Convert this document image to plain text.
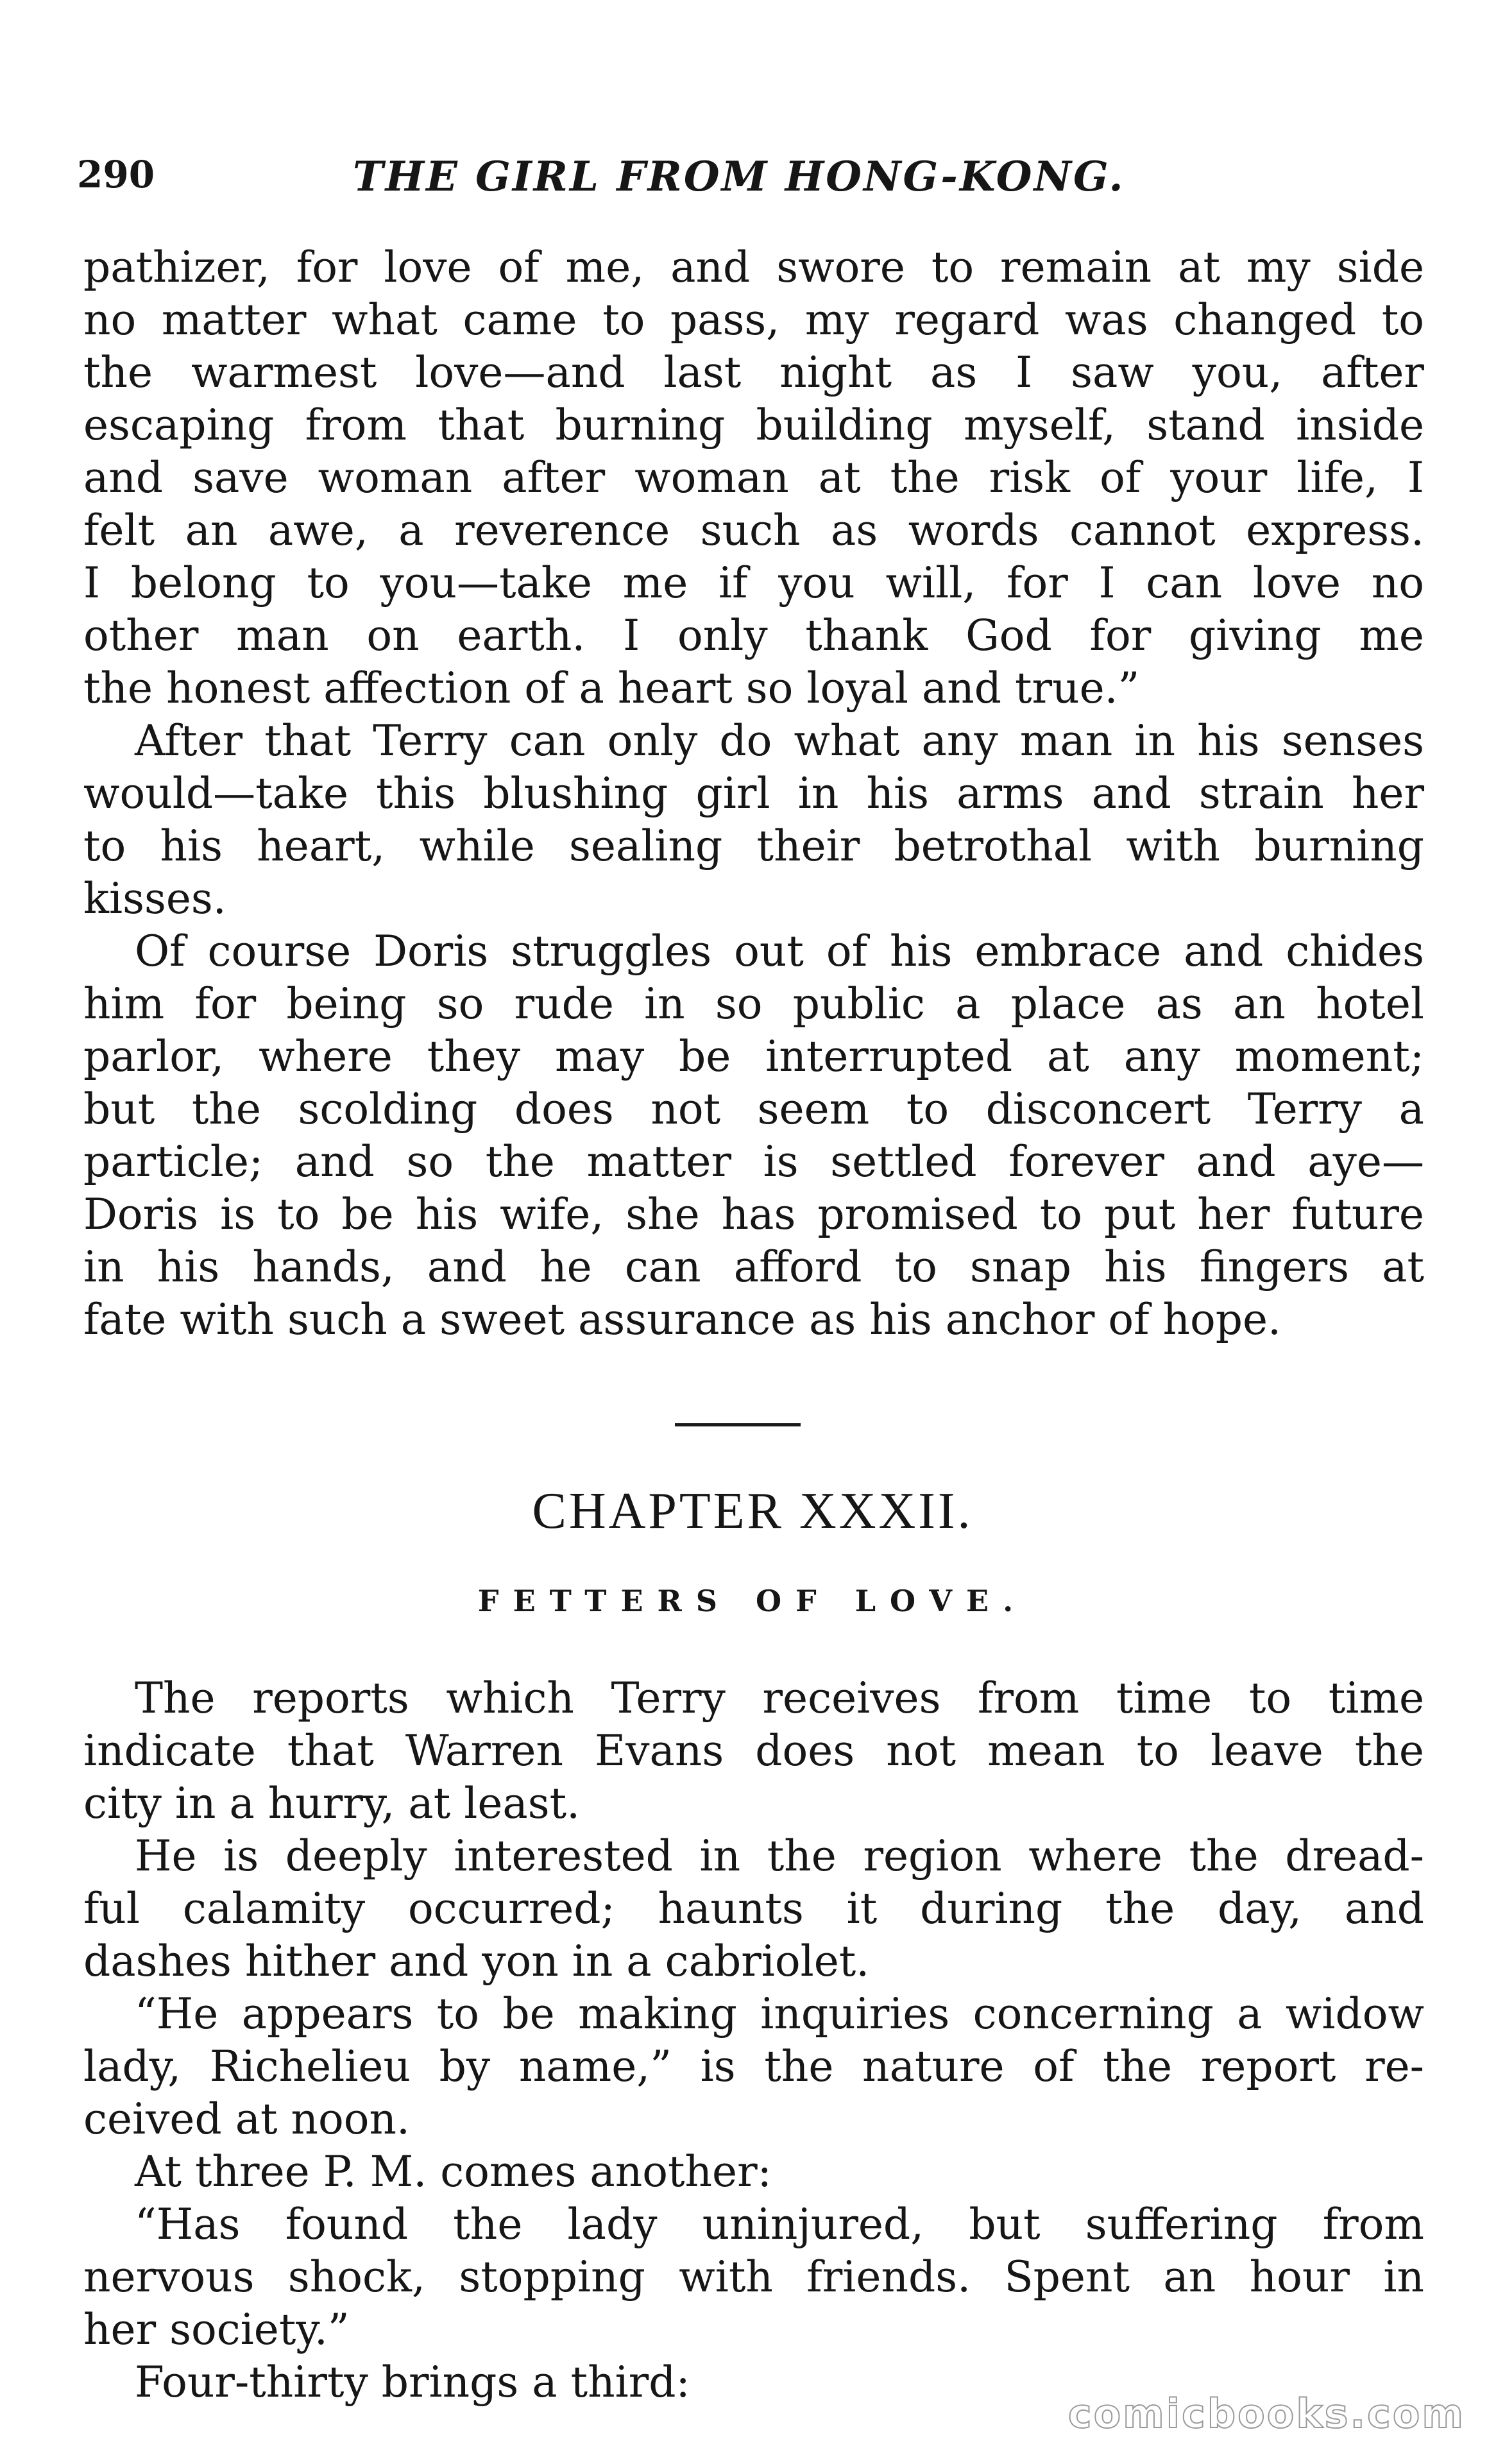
290	THE GIRL FROM HONG-KONG.
pathizer, for love of me, and swore to remain at my side
no matter what came to pass, my regard was changed to
the warmest love—and last night as I saw you, after
escaping from that burning building myself, stand inside
and save woman after woman at the risk of your life, I
felt an awe, a reverence such as words cannot express.
I belong to you—take me if you will, for I can love no
other man on earth. I only thank God for giving me
the honest affection of a heart so loyal and true.”
After that Terry can only do what any man in his senses
would—take this blushing girl in his arms and strain her
to his heart, while sealing their betrothal with burning
kisses.
Of course Doris struggles out of his embrace and chides
him for being so rude in so public a place as an hotel
parlor, where they may be interrupted at any moment;
but the scolding does not seem to disconcert Terry a
particle; and so the matter is settled forever and aye—
Doris is to be his wife, she has promised to put her future
in his hands, and he can afford to snap his fingers at
fate with such a sweet assurance as his anchor of hope.
CHAPTER XXXII.
FETTERS OF LOVE.
The reports which Terry receives from time to time
indicate that Warren Evans does not mean to leave the
city in a hurry, at least.
He is deeply interested in the region where the dread-
ful calamity occurred; haunts it during the day, and
dashes hither and yon in a cabriolet.
“He appears to be making inquiries concerning a widow
lady, Richelieu by name,” is the nature of the report re-
ceived at noon.
At three P. M. comes another:
“Has found the lady uninjured, but suffering from
nervous shock, stopping with friends. Spent an hour in
her society.”
Four-thirty brings a third:
comicbooks.com
